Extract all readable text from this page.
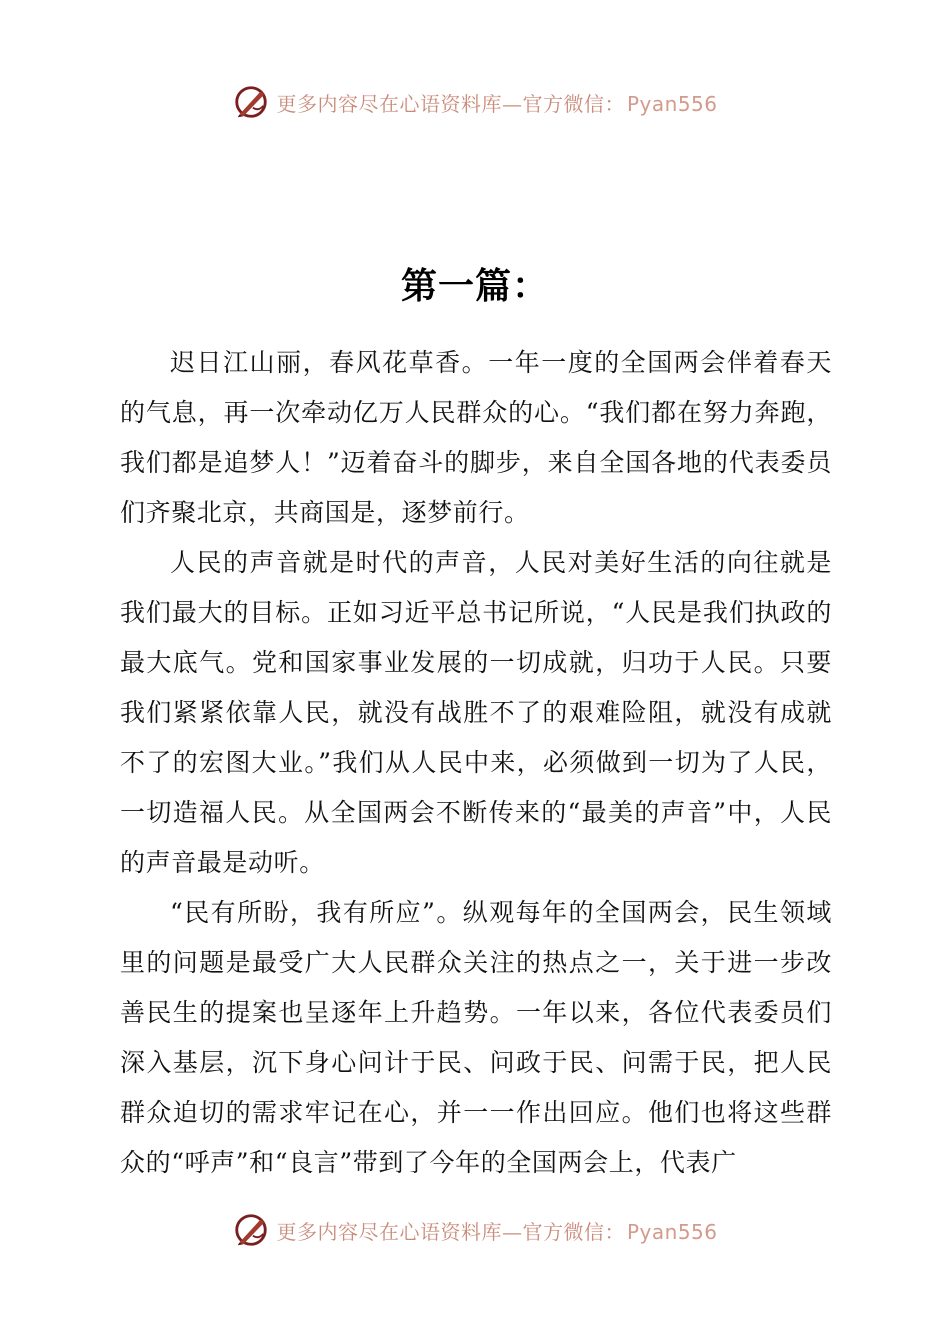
更多内容尽在心语资料库—官方微信： Pyan556
第一篇：

迟日江山丽，春风花草香。一年一度的全国两会伴着春天的气息，再一次牵动亿万人民群众的心。“我们都在努力奔跑，我们都是追梦人！”迈着奋斗的脚步，来自全国各地的代表委员们齐聚北京，共商国是，逐梦前行。

人民的声音就是时代的声音，人民对美好生活的向往就是我们最大的目标。正如习近平总书记所说，“人民是我们执政的最大底气。党和国家事业发展的一切成就，归功于人民。只要我们紧紧依靠人民，就没有战胜不了的艰难险阻，就没有成就不了的宏图大业。”我们从人民中来，必须做到一切为了人民，一切造福人民。从全国两会不断传来的“最美的声音”中，人民的声音最是动听。

“民有所盼，我有所应”。纵观每年的全国两会，民生领域里的问题是最受广大人民群众关注的热点之一，关于进一步改善民生的提案也呈逐年上升趋势。一年以来，各位代表委员们深入基层，沉下身心问计于民、问政于民、问需于民，把人民群众迫切的需求牢记在心，并一一作出回应。他们也将这些群众的“呼声”和“良言”带到了今年的全国两会上，代表广

更多内容尽在心语资料库—官方微信： Pyan556
